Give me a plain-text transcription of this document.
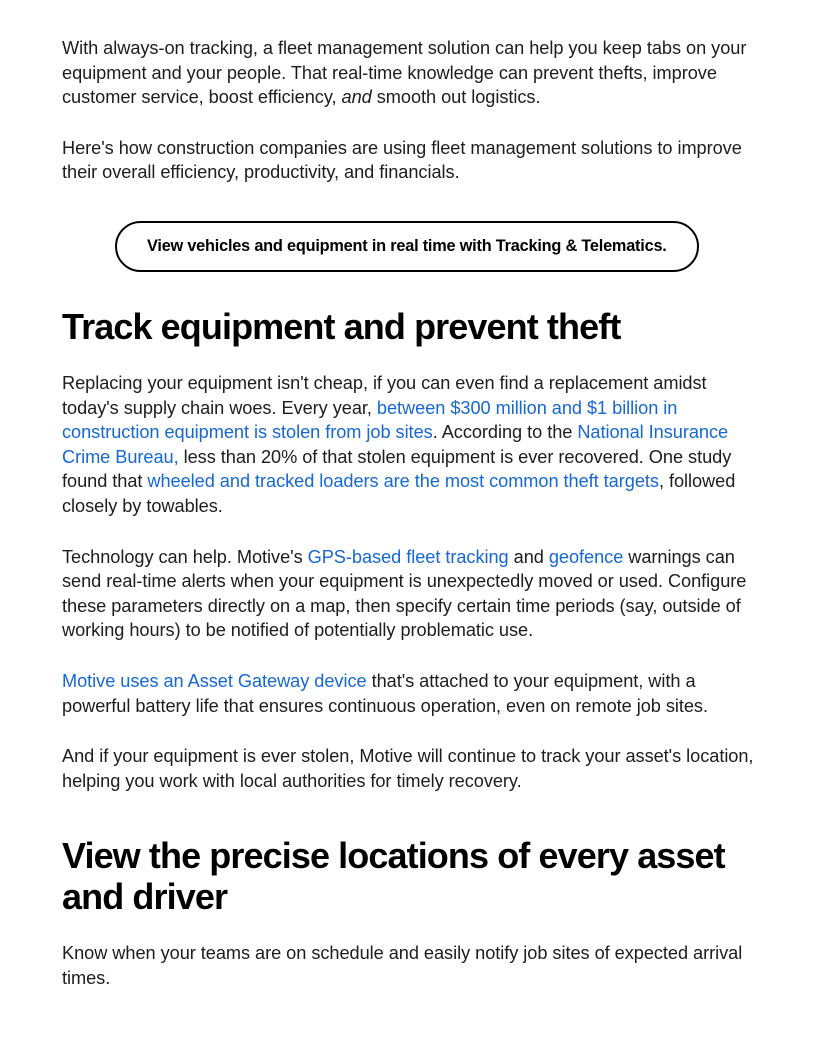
With always-on tracking, a fleet management solution can help you keep tabs on your equipment and your people. That real-time knowledge can prevent thefts, improve customer service, boost efficiency, and smooth out logistics.

Here's how construction companies are using fleet management solutions to improve their overall efficiency, productivity, and financials.

View vehicles and equipment in real time with Tracking & Telematics.
Track equipment and prevent theft

Replacing your equipment isn't cheap, if you can even find a replacement amidst today's supply chain woes. Every year, between $300 million and $1 billion in construction equipment is stolen from job sites. According to the National Insurance Crime Bureau, less than 20% of that stolen equipment is ever recovered. One study found that wheeled and tracked loaders are the most common theft targets, followed closely by towables.

Technology can help. Motive's GPS-based fleet tracking and geofence warnings can send real-time alerts when your equipment is unexpectedly moved or used. Configure these parameters directly on a map, then specify certain time periods (say, outside of working hours) to be notified of potentially problematic use.

Motive uses an Asset Gateway device that's attached to your equipment, with a powerful battery life that ensures continuous operation, even on remote job sites.

And if your equipment is ever stolen, Motive will continue to track your asset's location, helping you work with local authorities for timely recovery.

View the precise locations of every asset and driver

Know when your teams are on schedule and easily notify job sites of expected arrival times.
